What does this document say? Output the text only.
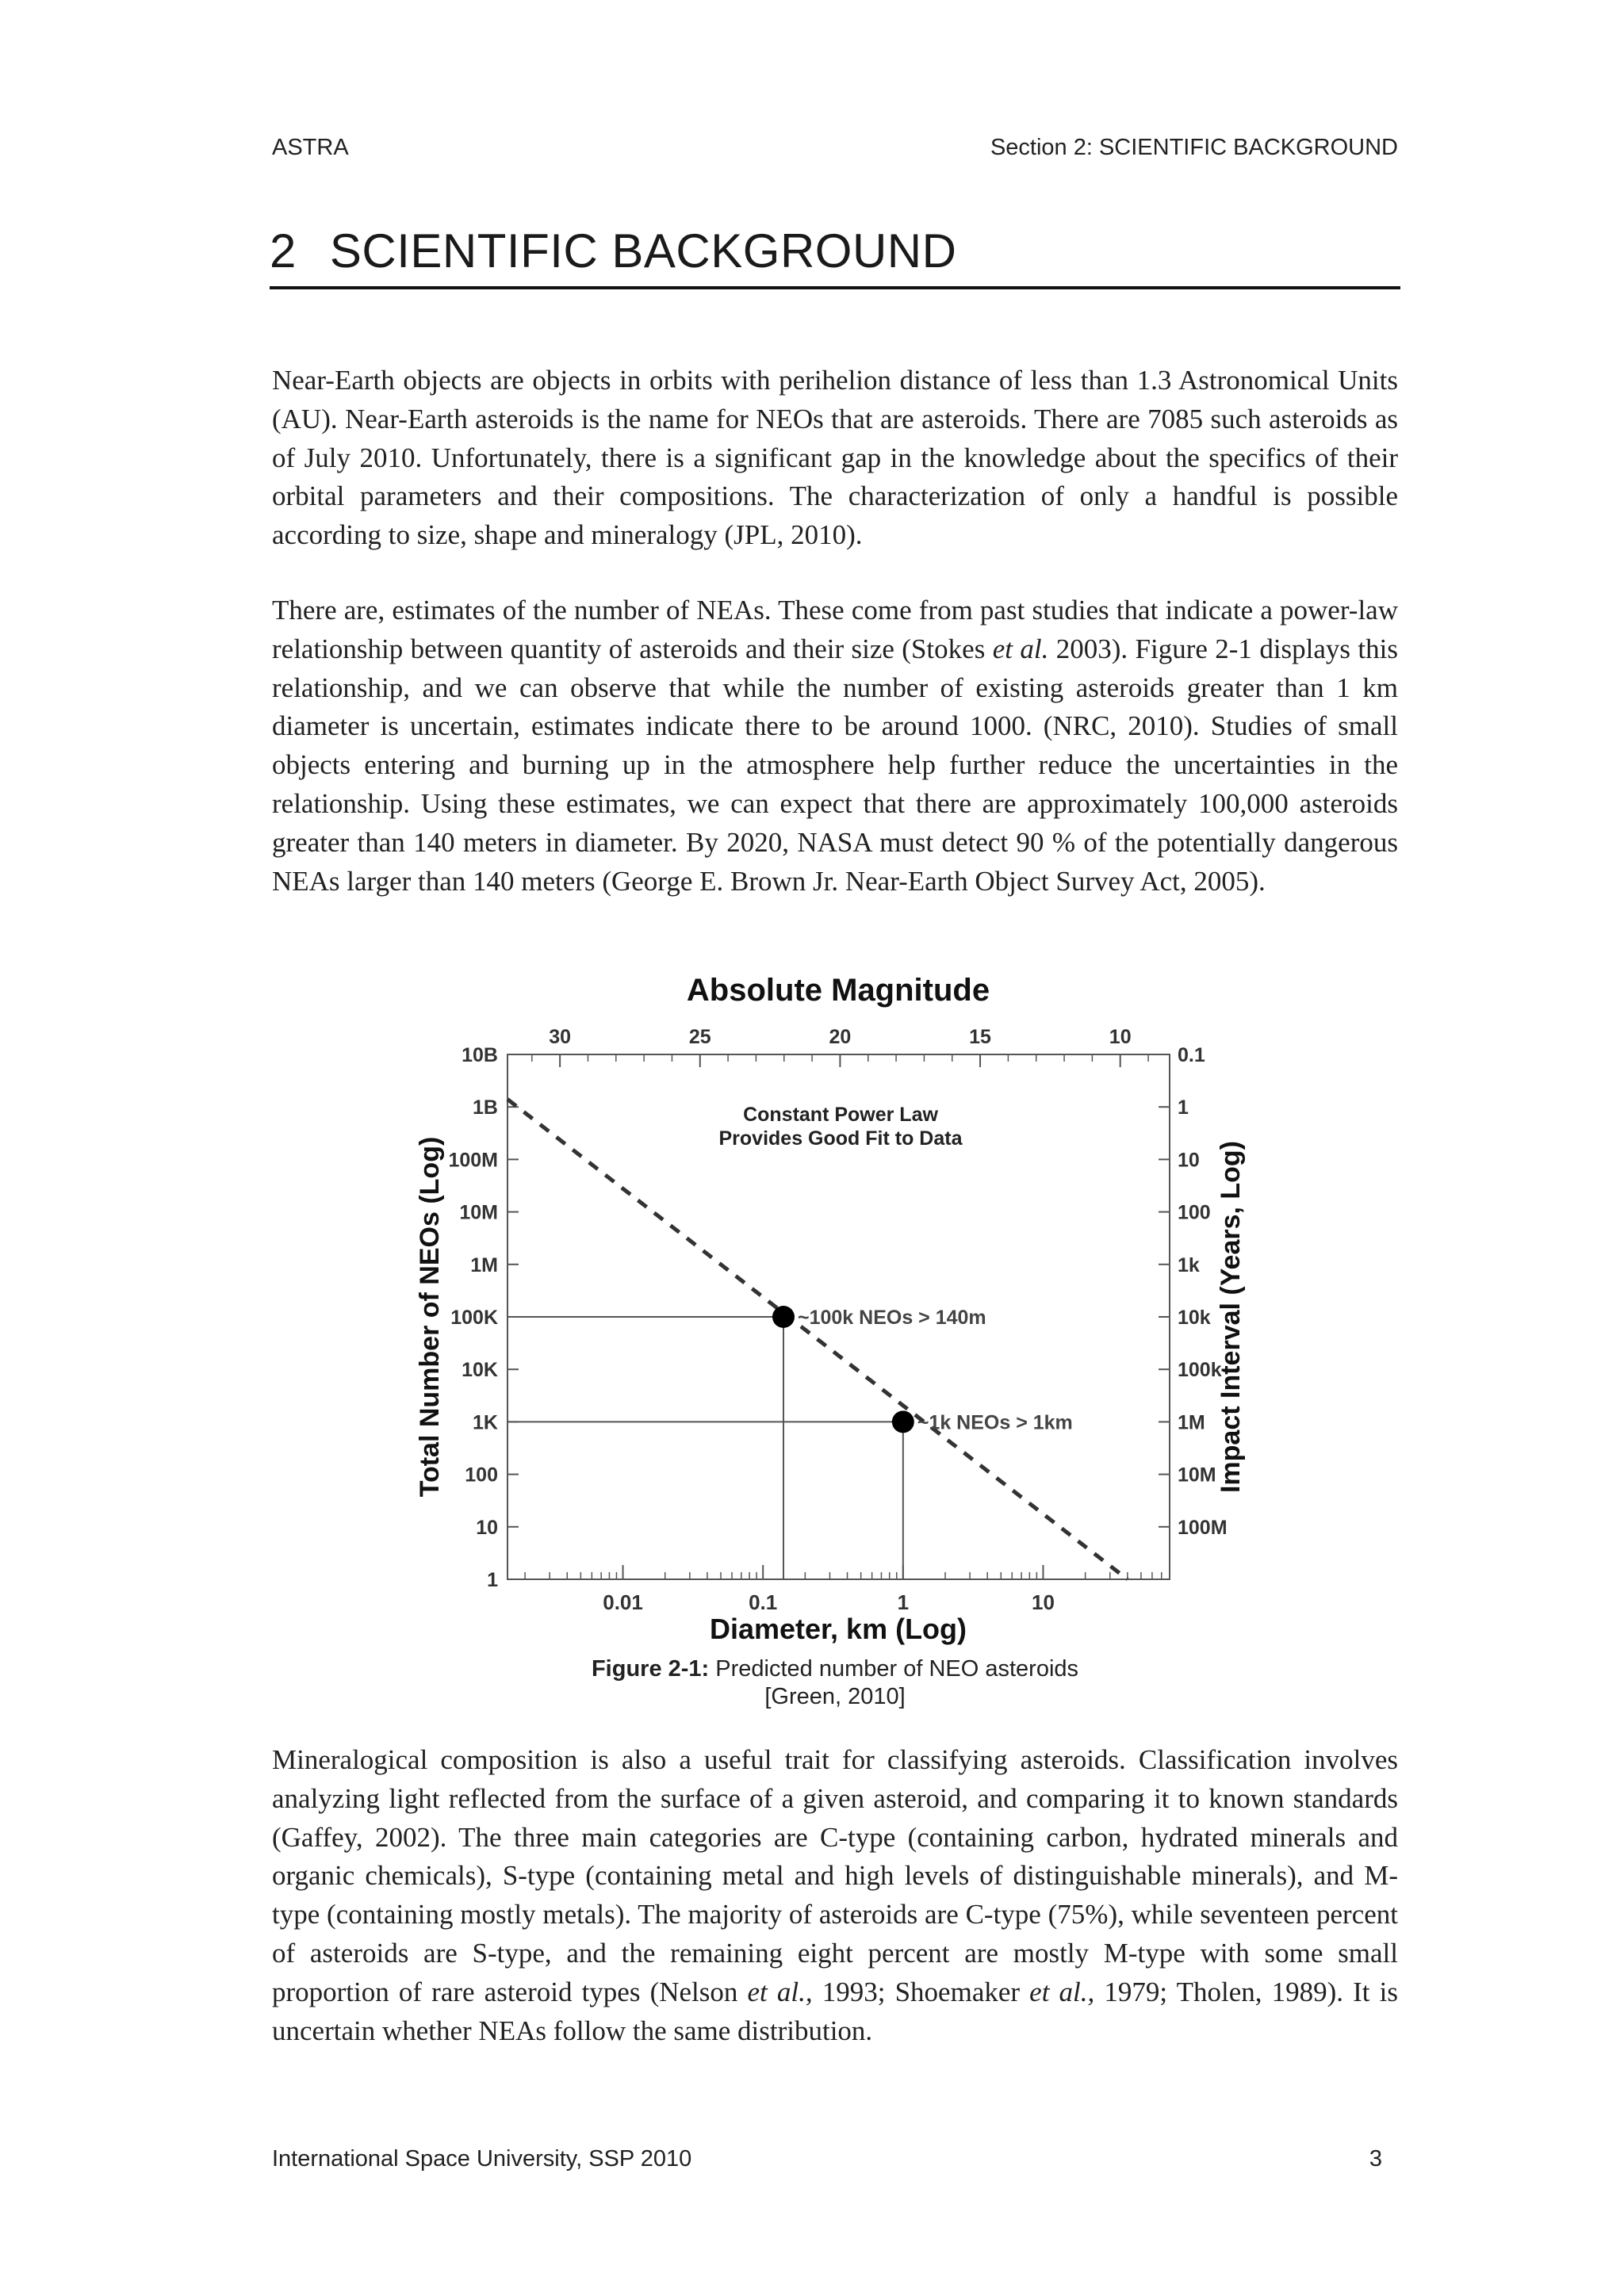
ASTRA	Section 2: SCIENTIFIC BACKGROUND
2 SCIENTIFIC BACKGROUND

Near-Earth objects are objects in orbits with perihelion distance of less than 1.3 Astronomical Units (AU). Near-Earth asteroids is the name for NEOs that are asteroids. There are 7085 such asteroids as of July 2010. Unfortunately, there is a significant gap in the knowledge about the specifics of their orbital parameters and their compositions. The characterization of only a handful is possible according to size, shape and mineralogy (JPL, 2010).

There are, estimates of the number of NEAs. These come from past studies that indicate a power-law relationship between quantity of asteroids and their size (Stokes et al. 2003). Figure 2-1 displays this relationship, and we can observe that while the number of existing asteroids greater than 1 km diameter is uncertain, estimates indicate there to be around 1000. (NRC, 2010). Studies of small objects entering and burning up in the atmosphere help further reduce the uncertainties in the relationship. Using these estimates, we can expect that there are approximately 100,000 asteroids greater than 140 meters in diameter. By 2020, NASA must detect 90 % of the potentially dangerous NEAs larger than 140 meters (George E. Brown Jr. Near-Earth Object Survey Act, 2005).

Absolute Magnitude
30	25	20	15	10
0.01	0.1	1	10
10B
1B
100M
10M
1M
100K
10K
1K
100
10
1
0.1
1
10
100
1k
10k
100k
1M
10M
100M
Diameter, km (Log)
Total Number of NEOs (Log)	Impact Interval (Years, Log)
Constant Power Law
Provides Good Fit to Data
~100k NEOs > 140m
~1k NEOs > 1km
Figure 2-1: Predicted number of NEO asteroids
[Green, 2010]

Mineralogical composition is also a useful trait for classifying asteroids. Classification involves analyzing light reflected from the surface of a given asteroid, and comparing it to known standards (Gaffey, 2002). The three main categories are C-type (containing carbon, hydrated minerals and organic chemicals), S-type (containing metal and high levels of distinguishable minerals), and M-type (containing mostly metals). The majority of asteroids are C-type (75%), while seventeen percent of asteroids are S-type, and the remaining eight percent are mostly M-type with some small proportion of rare asteroid types (Nelson et al., 1993; Shoemaker et al., 1979; Tholen, 1989). It is uncertain whether NEAs follow the same distribution.

International Space University, SSP 2010	3
